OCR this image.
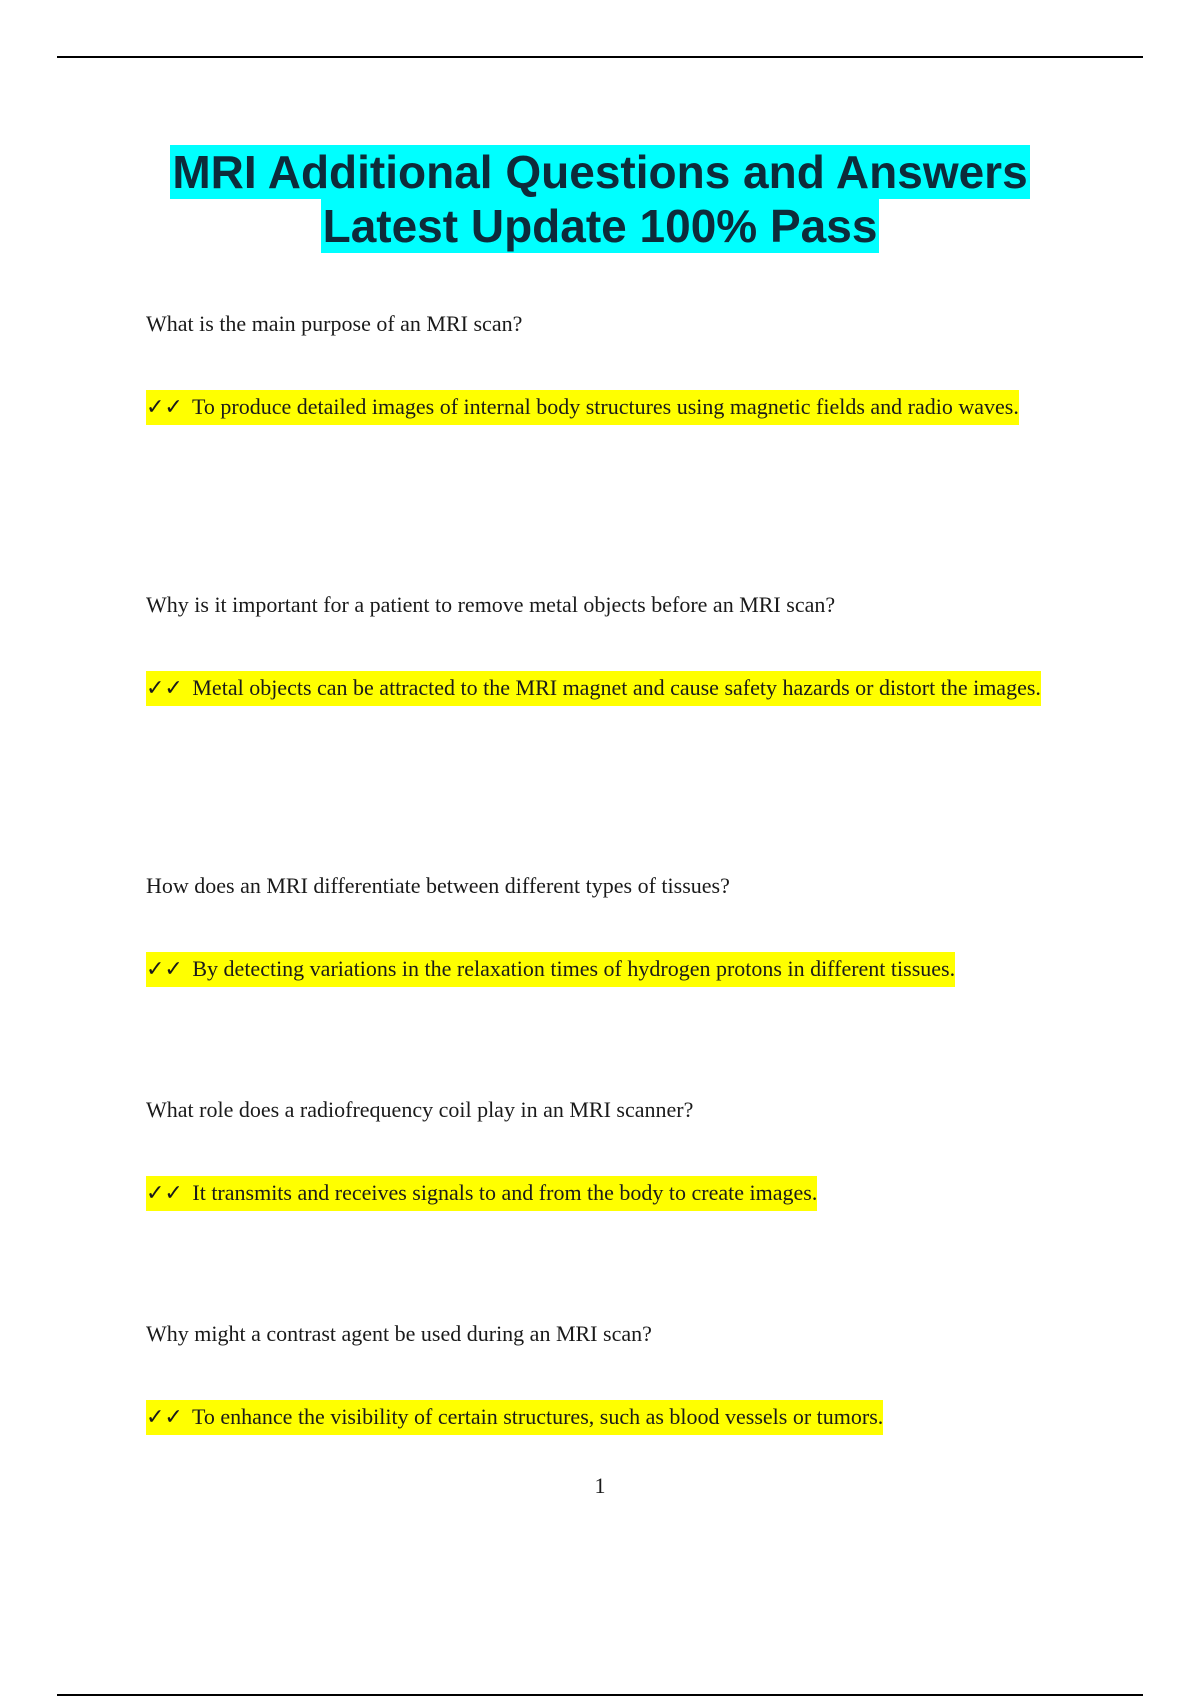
MRI Additional Questions and Answers
Latest Update 100% Pass

What is the main purpose of an MRI scan?

✓✓ To produce detailed images of internal body structures using magnetic fields and radio waves.

Why is it important for a patient to remove metal objects before an MRI scan?

✓✓ Metal objects can be attracted to the MRI magnet and cause safety hazards or distort the images.

How does an MRI differentiate between different types of tissues?

✓✓ By detecting variations in the relaxation times of hydrogen protons in different tissues.

What role does a radiofrequency coil play in an MRI scanner?

✓✓ It transmits and receives signals to and from the body to create images.

Why might a contrast agent be used during an MRI scan?

✓✓ To enhance the visibility of certain structures, such as blood vessels or tumors.

1
